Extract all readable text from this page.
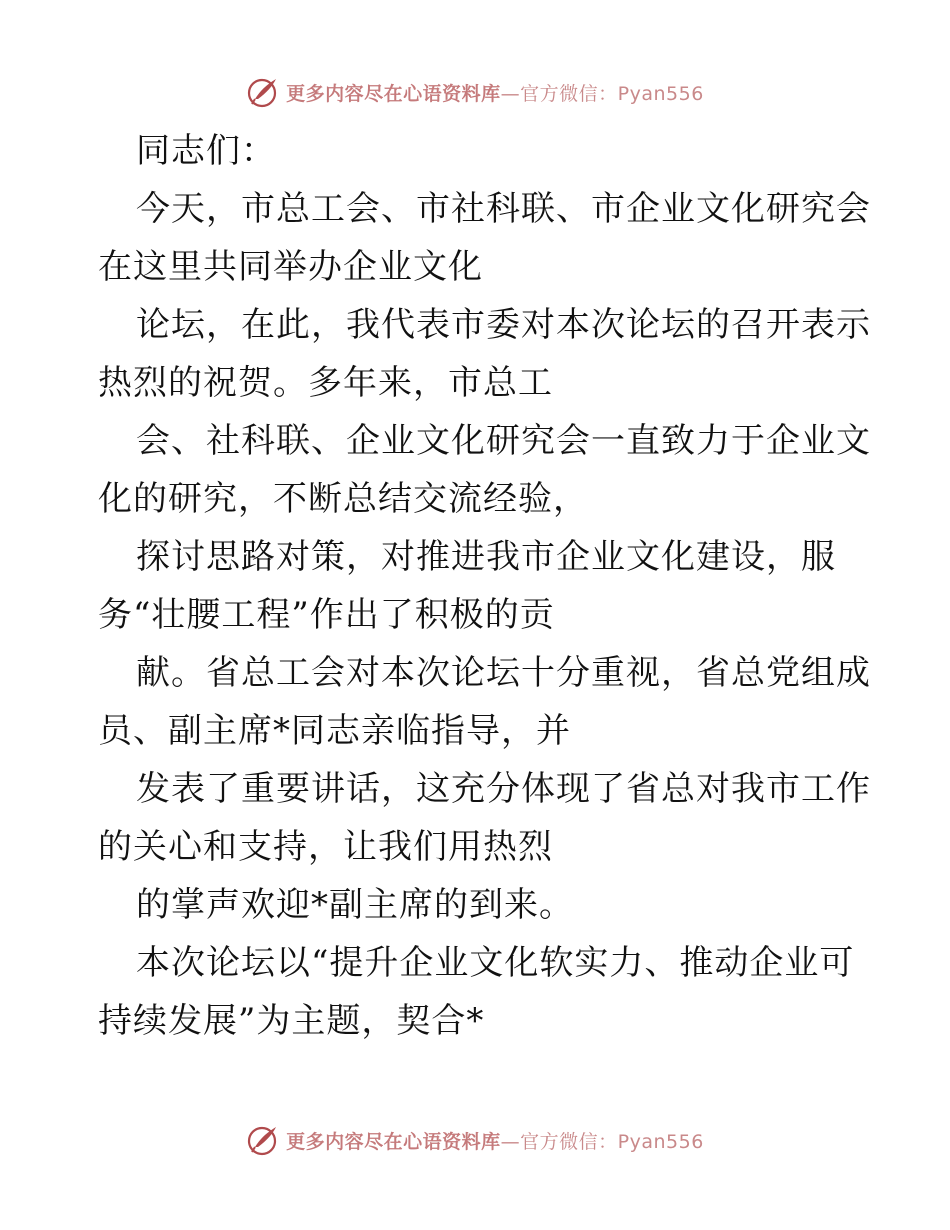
更多内容尽在心语资料库—官方微信：Pyan556
同志们：
今天，市总工会、市社科联、市企业文化研究会
在这里共同举办企业文化
论坛，在此，我代表市委对本次论坛的召开表示
热烈的祝贺。多年来，市总工
会、社科联、企业文化研究会一直致力于企业文
化的研究，不断总结交流经验，
探讨思路对策，对推进我市企业文化建设，服
务“壮腰工程”作出了积极的贡
献。省总工会对本次论坛十分重视，省总党组成
员、副主席*同志亲临指导，并
发表了重要讲话，这充分体现了省总对我市工作
的关心和支持，让我们用热烈
的掌声欢迎*副主席的到来。
本次论坛以“提升企业文化软实力、推动企业可
持续发展”为主题，契合*
更多内容尽在心语资料库—官方微信：Pyan556
